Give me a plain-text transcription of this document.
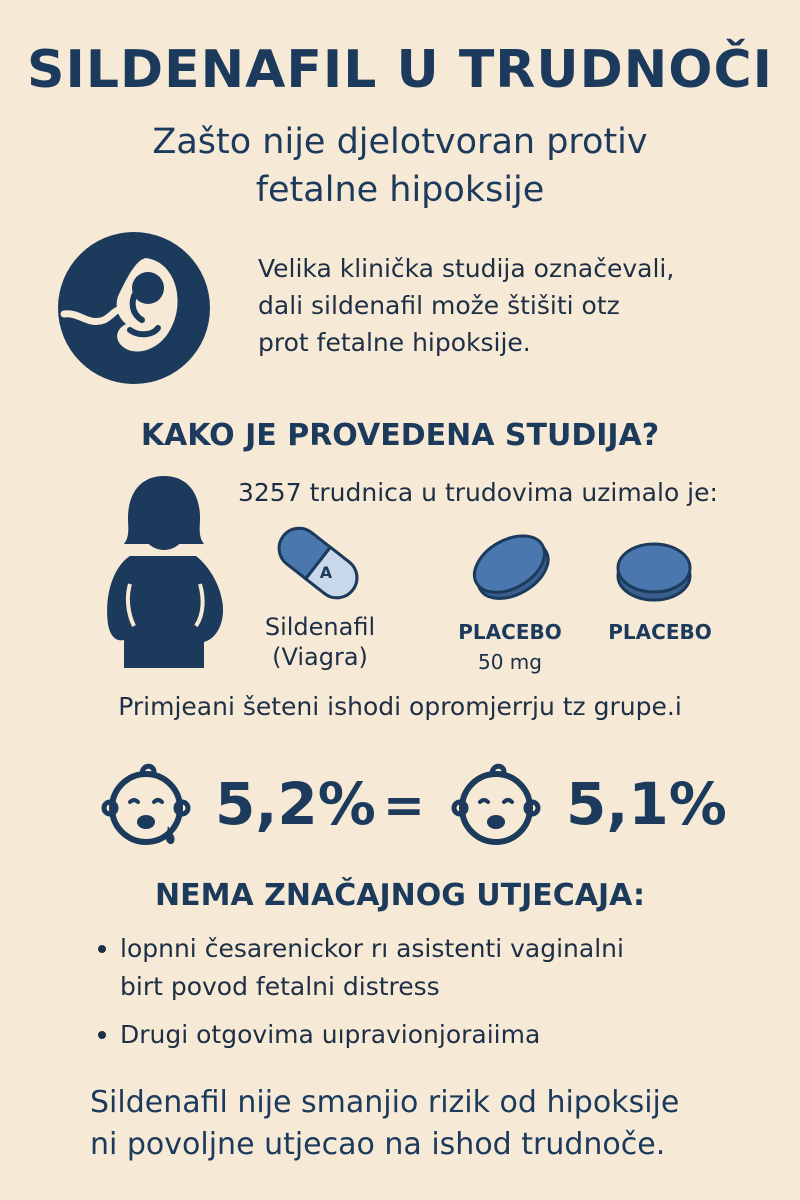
SILDENAFIL U TRUDNOČI
Zašto nije djelotvoran protiv
fetalne hipoksije
Velika klinička studija označevali,
dali sildenafil može štišiti otz
prot fetalne hipoksije.
KAKO JE PROVEDENA STUDIJA?
3257 trudnica u trudovima uzimalo je:
A
Sildenafil
(Viagra)
PLACEBO
50 mg
PLACEBO
Primjeani šeteni ishodi opromjerrju tz grupe.i
5,2% = 5,1%
NEMA ZNAČAJNOG UTJECAJA:
lopnni česarenickor rı asistenti vaginalni
birt povod fetalni distress
Drugi otgovima uıpravionjoraiima
Sildenafil nije smanjio rizik od hipoksije
ni povoljne utjecao na ishod trudnoče.
